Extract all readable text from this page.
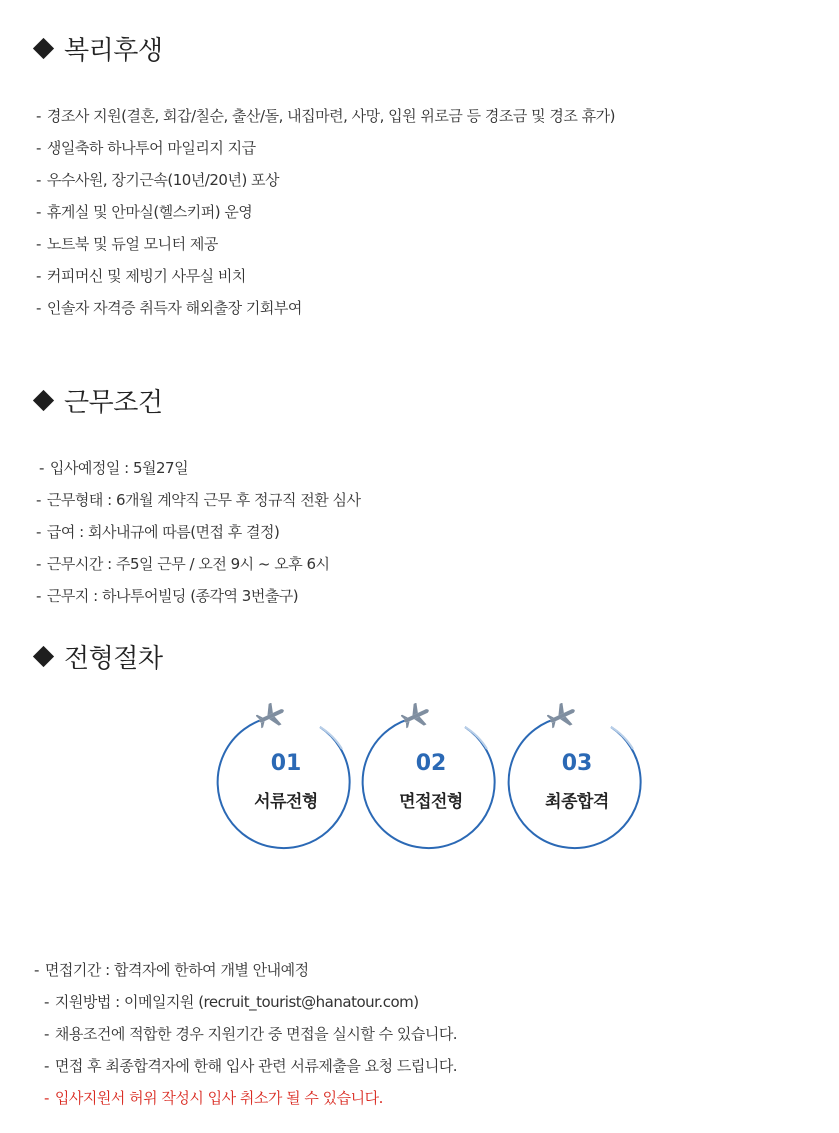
복리후생
- 경조사 지원(결혼, 회갑/칠순, 출산/돌, 내집마련, 사망, 입원 위로금 등 경조금 및 경조 휴가)
- 생일축하 하나투어 마일리지 지급
- 우수사원, 장기근속(10년/20년) 포상
- 휴게실 및 안마실(헬스키퍼) 운영
- 노트북 및 듀얼 모니터 제공
- 커피머신 및 제빙기 사무실 비치
- 인솔자 자격증 취득자 해외출장 기회부여
근무조건
- 입사예정일 : 5월27일
- 근무형태 : 6개월 계약직 근무 후 정규직 전환 심사
- 급여 : 회사내규에 따름(면접 후 결정)
- 근무시간 : 주5일 근무 / 오전 9시 ~ 오후 6시
- 근무지 : 하나투어빌딩 (종각역 3번출구)
전형절차
01
서류전형
02
면접전형
03
최종합격
- 면접기간 : 합격자에 한하여 개별 안내예정
- 지원방법 : 이메일지원 (recruit_tourist@hanatour.com)
- 채용조건에 적합한 경우 지원기간 중 면접을 실시할 수 있습니다.
- 면접 후 최종합격자에 한해 입사 관련 서류제출을 요청 드립니다.
- 입사지원서 허위 작성시 입사 취소가 될 수 있습니다.
